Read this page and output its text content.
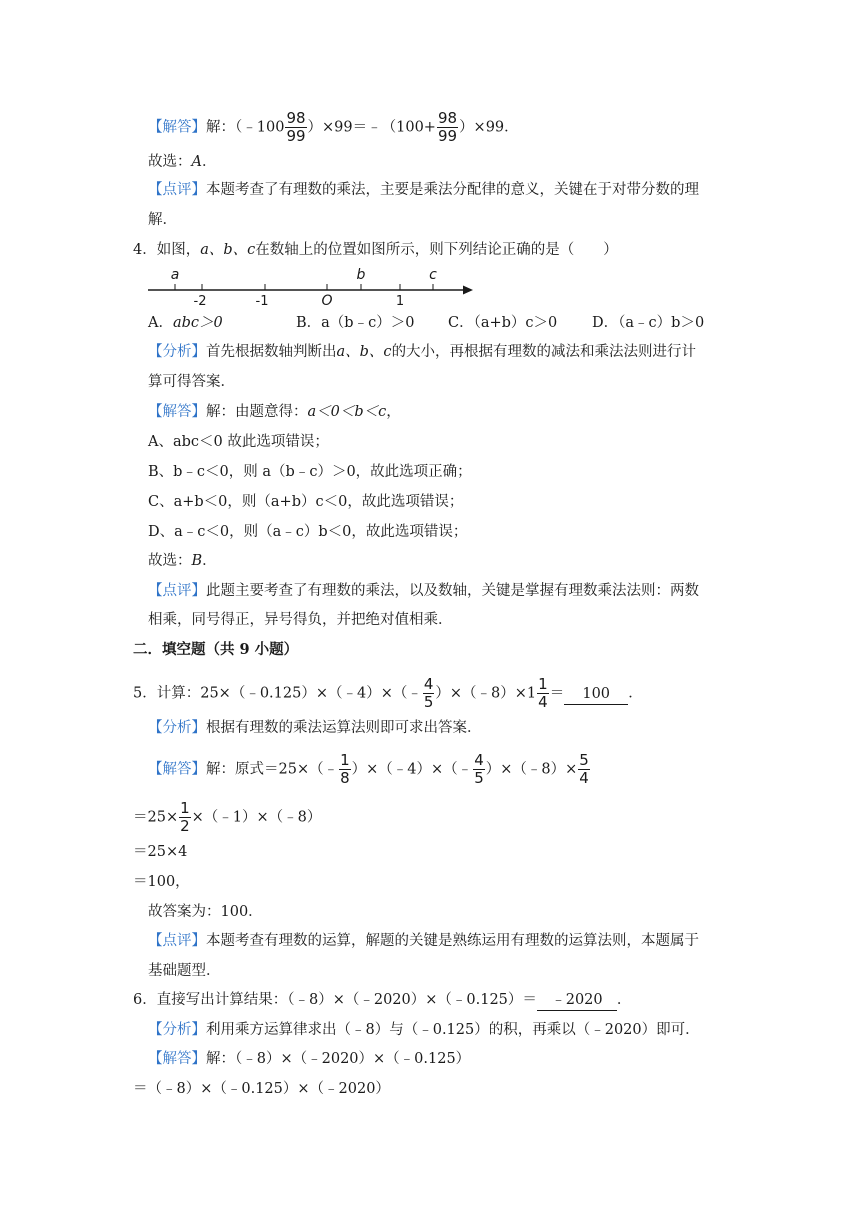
【解答】解：（﹣100 $\frac{98}{99}$ ）×99＝﹣（100+ $\frac{98}{99} )\times 99$．
故选：A．
【点评】本题考查了有理数的乘法，主要是乘法分配律的意义，关键在于对带分数的理
解．
4．如图，a、b、c在数轴上的位置如图所示，则下列结论正确的是（　　）
a	b	c
-2	-1	O	1
A．abc＞0	B．a（b﹣c）＞0 C．（a+b）c＞0 D．（a﹣c）b＞0
【分析】首先根据数轴判断出a、b、c的大小，再根据有理数的减法和乘法法则进行计
算可得答案．
【解答】解：由题意得：a＜0＜b＜c，
A、abc＜0 故此选项错误；
B、b﹣c＜0，则 a（b﹣c）＞0，故此选项正确；
C、a+b＜0，则（a+b）c＜0，故此选项错误；
D、a﹣c＜0，则（a﹣c）b＜0，故此选项错误；
故选：B．
【点评】此题主要考查了有理数的乘法，以及数轴，关键是掌握有理数乘法法则：两数
相乘，同号得正，异号得负，并把绝对值相乘．
二．填空题（共 9 小题）
5．计算：25×（﹣0.125）×（﹣4）×（﹣ $\frac{4}{5}$ ）×（﹣8）×1 $\frac{1}{4} = 100$ ．
【分析】根据有理数的乘法运算法则即可求出答案．
【解答】解：原式＝25×（﹣ $\frac{1}{8}$ ）×（﹣4）×（﹣ $\frac{4}{5}$ ）×（﹣8）× $\frac{5}{4}$
$=25\times \frac{1}{2}$ ×（﹣1）×（﹣8）
＝25×4
＝100，
故答案为：100．
【点评】本题考查有理数的运算，解题的关键是熟练运用有理数的运算法则，本题属于
基础题型．
6．直接写出计算结果：（﹣8）×（﹣2020）×（﹣0.125）＝ ﹣2020 ．
【分析】利用乘方运算律求出（﹣8）与（﹣0.125）的积，再乘以（﹣2020）即可．
【解答】解：（﹣8）×（﹣2020）×（﹣0.125）
＝（﹣8）×（﹣0.125）×（﹣2020）
